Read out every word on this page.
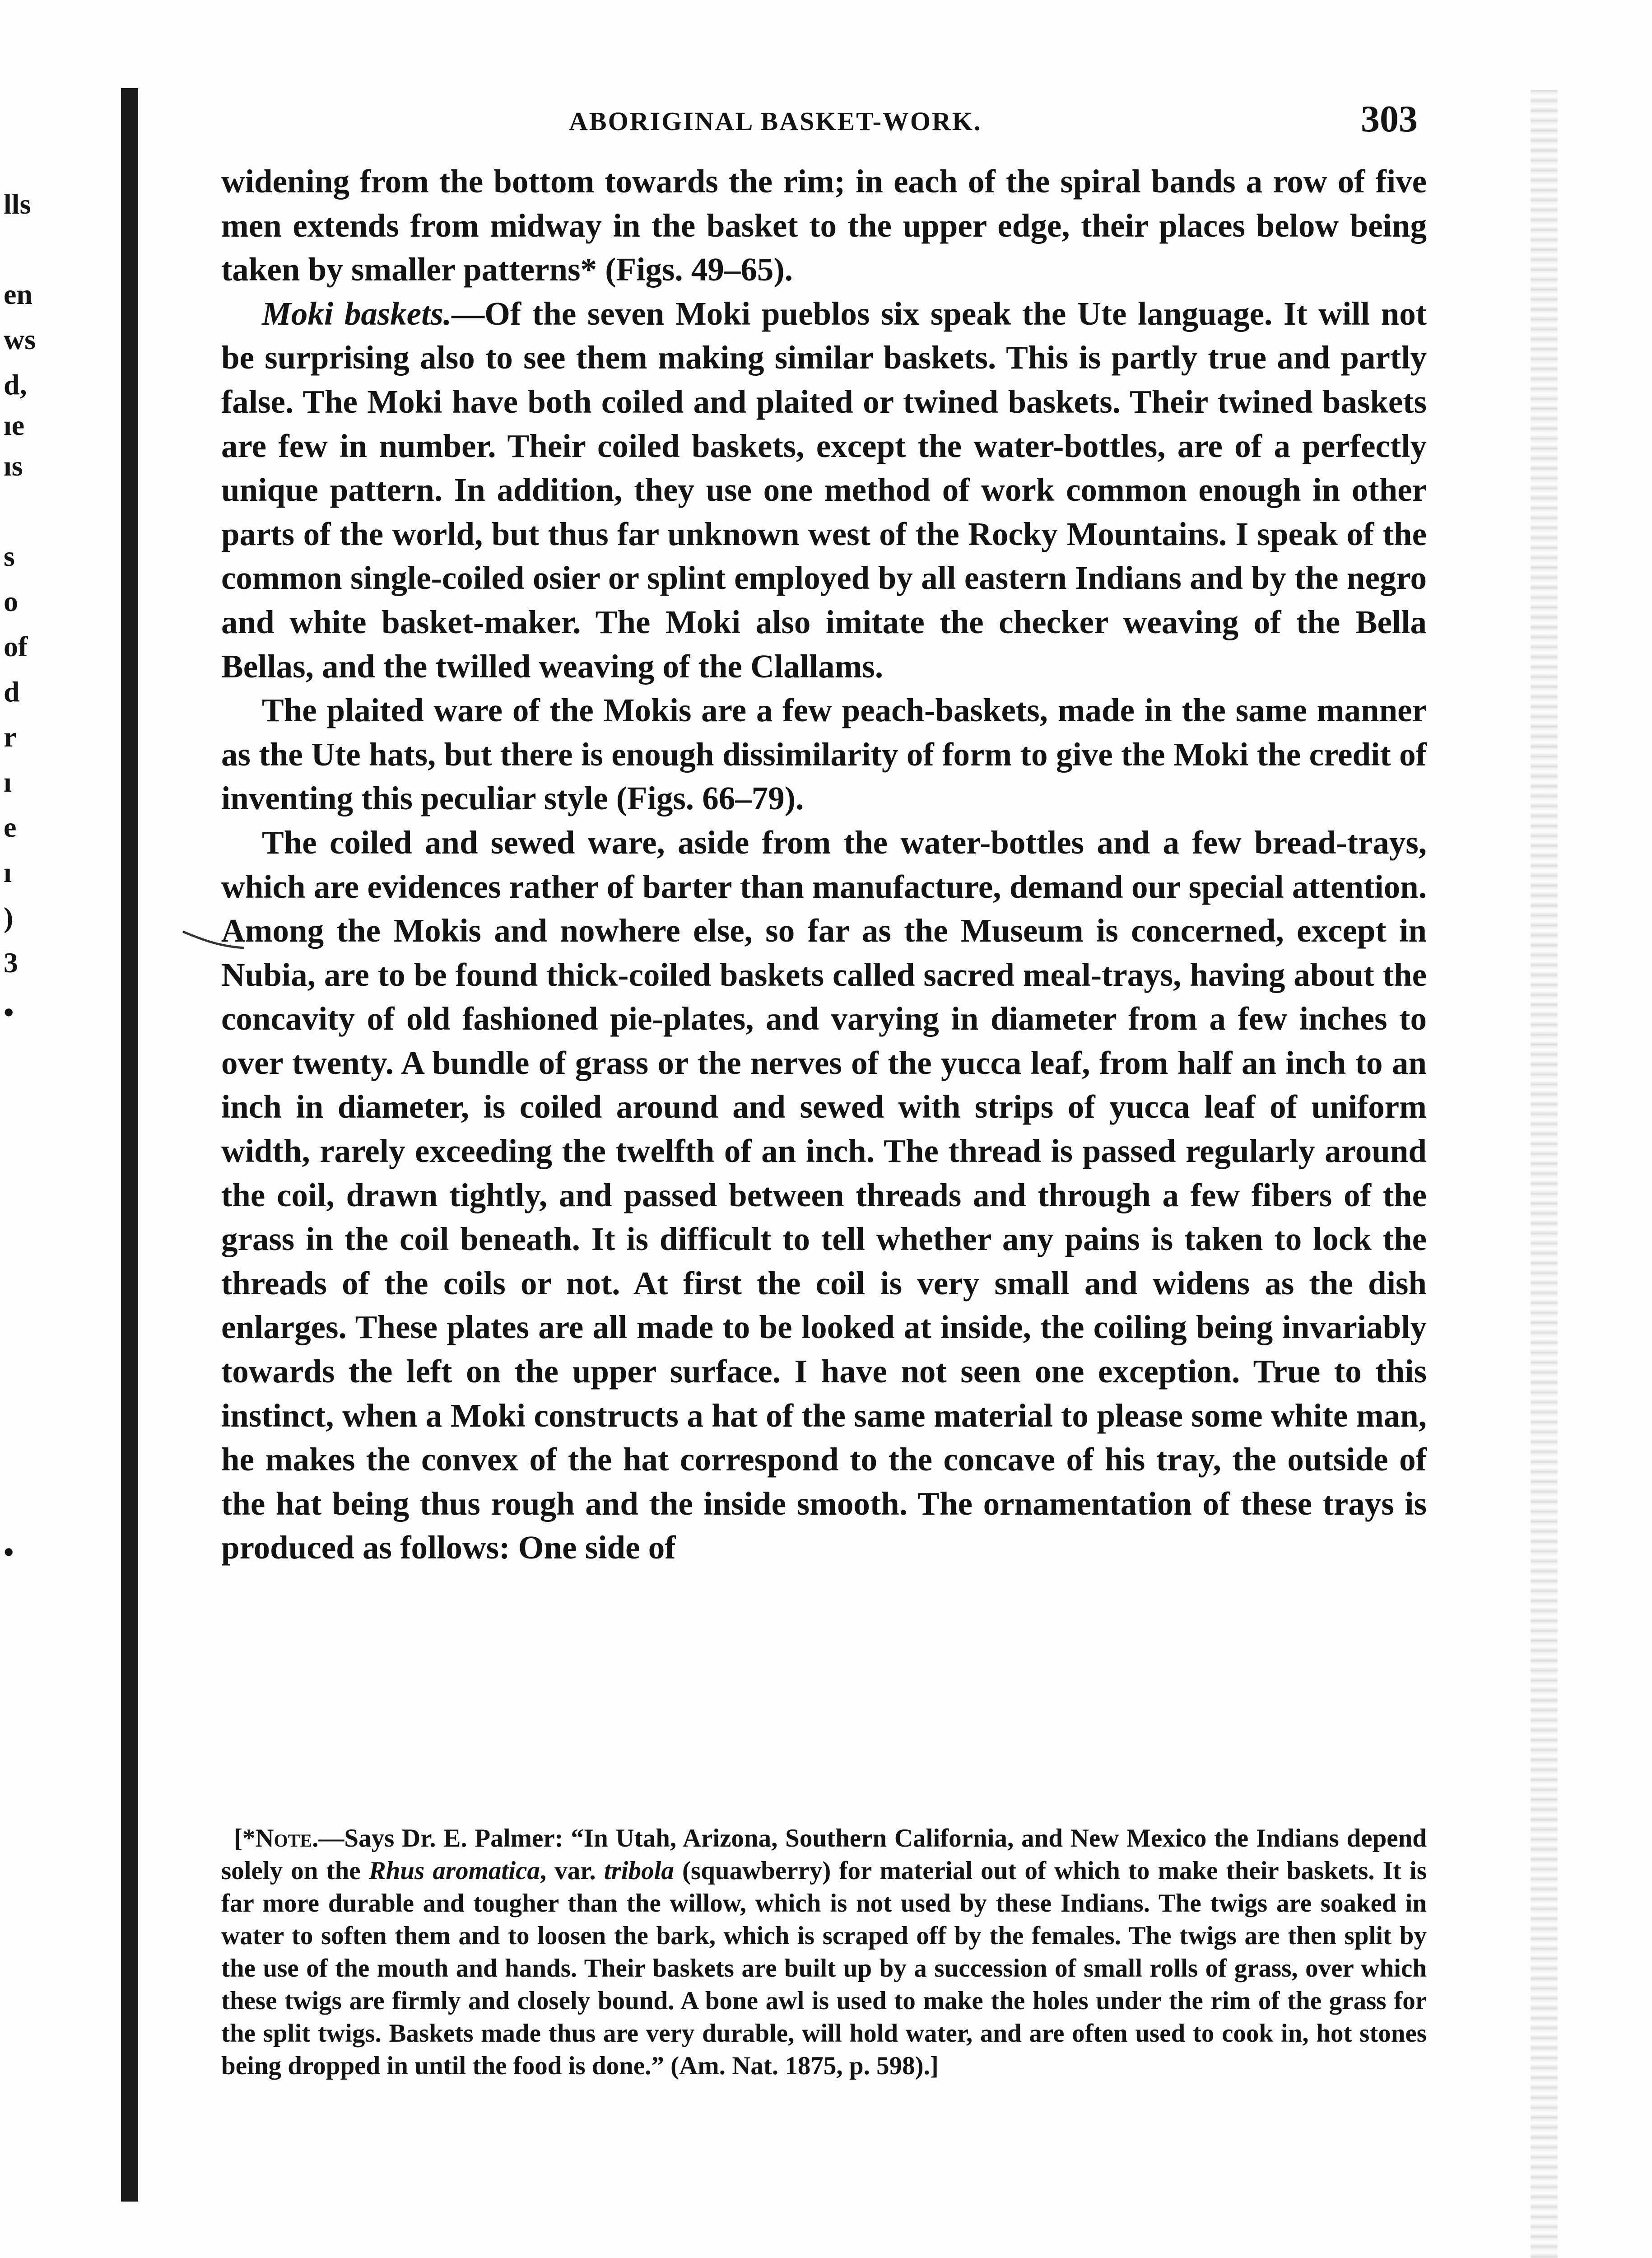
lls
en
ws
d,
ıe
ıs
s
o
of
d
r
ı
e
ı
)
3
•
•
ABORIGINAL BASKET-WORK.	303

widening from the bottom towards the rim; in each of the spiral bands a row of five men extends from midway in the basket to the upper edge, their places below being taken by smaller patterns* (Figs. 49–65).

Moki baskets.—Of the seven Moki pueblos six speak the Ute language. It will not be surprising also to see them making similar baskets. This is partly true and partly false. The Moki have both coiled and plaited or twined baskets. Their twined baskets are few in number. Their coiled baskets, except the water-bottles, are of a perfectly unique pattern. In addition, they use one method of work common enough in other parts of the world, but thus far unknown west of the Rocky Mountains. I speak of the common single-coiled osier or splint employed by all eastern Indians and by the negro and white basket-maker. The Moki also imitate the checker weaving of the Bella Bellas, and the twilled weaving of the Clallams.

The plaited ware of the Mokis are a few peach-baskets, made in the same manner as the Ute hats, but there is enough dissimilarity of form to give the Moki the credit of inventing this peculiar style (Figs. 66–79).

The coiled and sewed ware, aside from the water-bottles and a few bread-trays, which are evidences rather of barter than manufacture, demand our special attention. Among the Mokis and nowhere else, so far as the Museum is concerned, except in Nubia, are to be found thick-coiled baskets called sacred meal-trays, having about the concavity of old fashioned pie-plates, and varying in diameter from a few inches to over twenty. A bundle of grass or the nerves of the yucca leaf, from half an inch to an inch in diameter, is coiled around and sewed with strips of yucca leaf of uniform width, rarely exceeding the twelfth of an inch. The thread is passed regularly around the coil, drawn tightly, and passed between threads and through a few fibers of the grass in the coil beneath. It is difficult to tell whether any pains is taken to lock the threads of the coils or not. At first the coil is very small and widens as the dish enlarges. These plates are all made to be looked at inside, the coiling being invariably towards the left on the upper surface. I have not seen one exception. True to this instinct, when a Moki constructs a hat of the same material to please some white man, he makes the convex of the hat correspond to the concave of his tray, the outside of the hat being thus rough and the inside smooth. The ornamentation of these trays is produced as follows: One side of

[*Note.—Says Dr. E. Palmer: “In Utah, Arizona, Southern California, and New Mexico the Indians depend solely on the Rhus aromatica, var. tribola (squawberry) for material out of which to make their baskets. It is far more durable and tougher than the willow, which is not used by these Indians. The twigs are soaked in water to soften them and to loosen the bark, which is scraped off by the females. The twigs are then split by the use of the mouth and hands. Their baskets are built up by a succession of small rolls of grass, over which these twigs are firmly and closely bound. A bone awl is used to make the holes under the rim of the grass for the split twigs. Baskets made thus are very durable, will hold water, and are often used to cook in, hot stones being dropped in until the food is done.” (Am. Nat. 1875, p. 598).]
